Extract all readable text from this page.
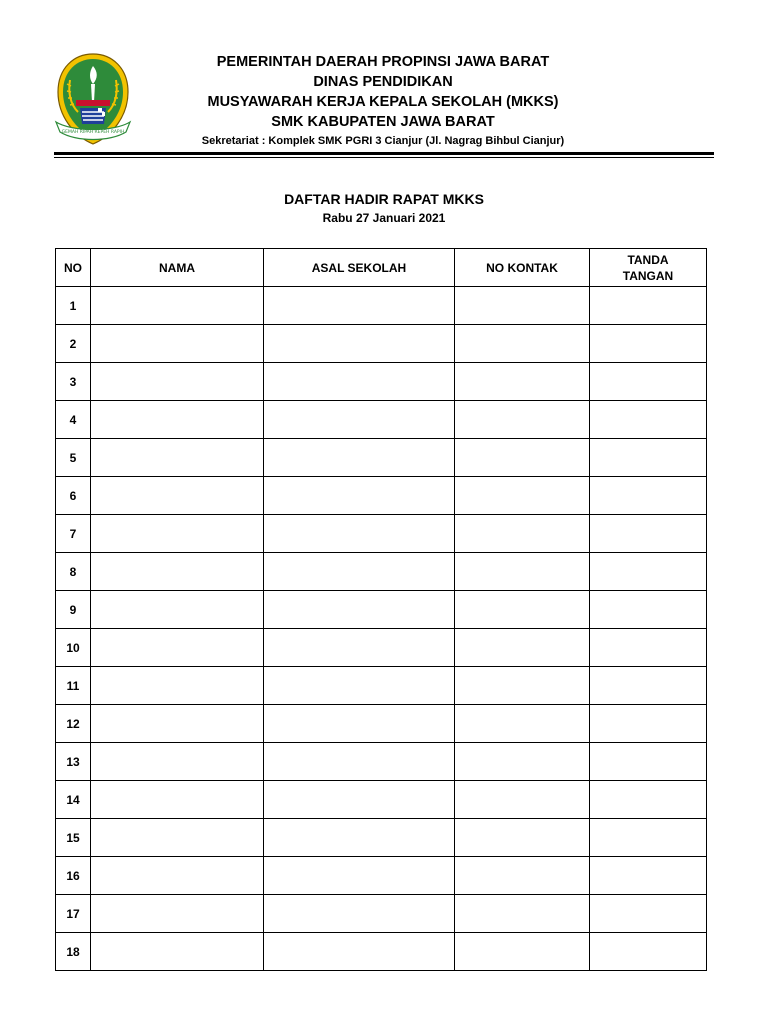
GEMAH RIPAH REPEH RAPIH
PEMERINTAH DAERAH PROPINSI JAWA BARAT
DINAS PENDIDIKAN
MUSYAWARAH KERJA KEPALA SEKOLAH (MKKS)
SMK KABUPATEN JAWA BARAT
Sekretariat : Komplek SMK PGRI 3 Cianjur (Jl. Nagrag Bihbul Cianjur)
DAFTAR HADIR RAPAT MKKS
Rabu 27 Januari 2021
NO	NAMA	ASAL SEKOLAH	NO KONTAK	TANDA
TANGAN

1				
2				
3				
4				
5				
6				
7				
8				
9				
10				
11				
12				
13				
14				
15				
16				
17				
18				
